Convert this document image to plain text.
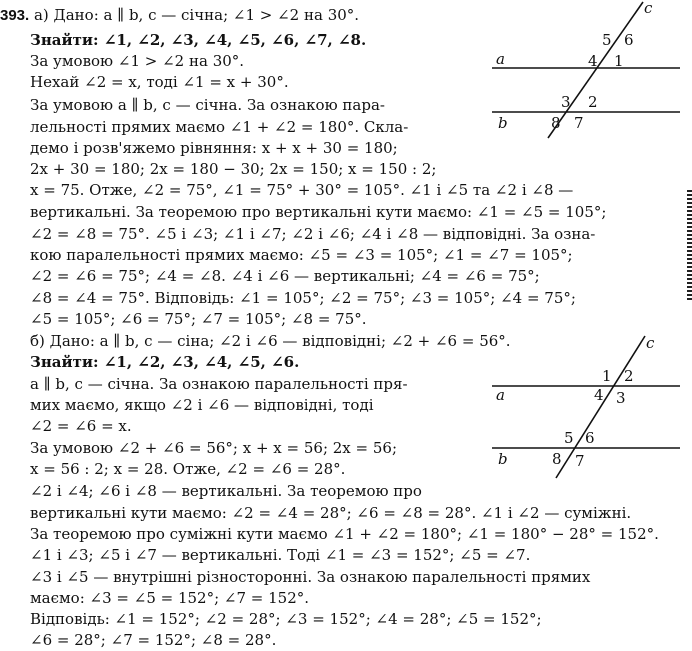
393. а) Дано: a ∥ b, c — січна; ∠1 > ∠2 на 30°.
Знайти: ∠1, ∠2, ∠3, ∠4, ∠5, ∠6, ∠7, ∠8.
За умовою ∠1 > ∠2 на 30°.
Нехай ∠2 = x, тоді ∠1 = x + 30°.
За умовою a ∥ b, c — січна. За ознакою пара-
лельності прямих маємо ∠1 + ∠2 = 180°. Скла-
демо і розв'яжемо рівняння: x + x + 30 = 180;
2x + 30 = 180; 2x = 180 − 30; 2x = 150; x = 150 : 2;
x = 75. Отже, ∠2 = 75°, ∠1 = 75° + 30° = 105°. ∠1 і ∠5 та ∠2 і ∠8 —
вертикальні. За теоремою про вертикальні кути маємо: ∠1 = ∠5 = 105°;
∠2 = ∠8 = 75°. ∠5 і ∠3; ∠1 і ∠7; ∠2 і ∠6; ∠4 і ∠8 — відповідні. За озна-
кою паралельності прямих маємо: ∠5 = ∠3 = 105°; ∠1 = ∠7 = 105°;
∠2 = ∠6 = 75°; ∠4 = ∠8. ∠4 і ∠6 — вертикальні; ∠4 = ∠6 = 75°;
∠8 = ∠4 = 75°. Відповідь: ∠1 = 105°; ∠2 = 75°; ∠3 = 105°; ∠4 = 75°;
∠5 = 105°; ∠6 = 75°; ∠7 = 105°; ∠8 = 75°.
б) Дано: a ∥ b, c — сіна; ∠2 і ∠6 — відповідні; ∠2 + ∠6 = 56°.
Знайти: ∠1, ∠2, ∠3, ∠4, ∠5, ∠6.
a ∥ b, c — січна. За ознакою паралельності пря-
мих маємо, якщо ∠2 і ∠6 — відповідні, тоді
∠2 = ∠6 = x.
За умовою ∠2 + ∠6 = 56°; x + x = 56; 2x = 56;
x = 56 : 2; x = 28. Отже, ∠2 = ∠6 = 28°.
∠2 і ∠4; ∠6 і ∠8 — вертикальні. За теоремою про
вертикальні кути маємо: ∠2 = ∠4 = 28°; ∠6 = ∠8 = 28°. ∠1 і ∠2 — суміжні.
За теоремою про суміжні кути маємо ∠1 + ∠2 = 180°; ∠1 = 180° − 28° = 152°.
∠1 і ∠3; ∠5 і ∠7 — вертикальні. Тоді ∠1 = ∠3 = 152°; ∠5 = ∠7.
∠3 і ∠5 — внутрішні різносторонні. За ознакою паралельності прямих
маємо: ∠3 = ∠5 = 152°; ∠7 = 152°.
Відповідь: ∠1 = 152°; ∠2 = 28°; ∠3 = 152°; ∠4 = 28°; ∠5 = 152°;
∠6 = 28°; ∠7 = 152°; ∠8 = 28°.
a
b
c
5 6
4 1
3 2
8 7
a
b
c
1 2
4 3
5 6
8 7
